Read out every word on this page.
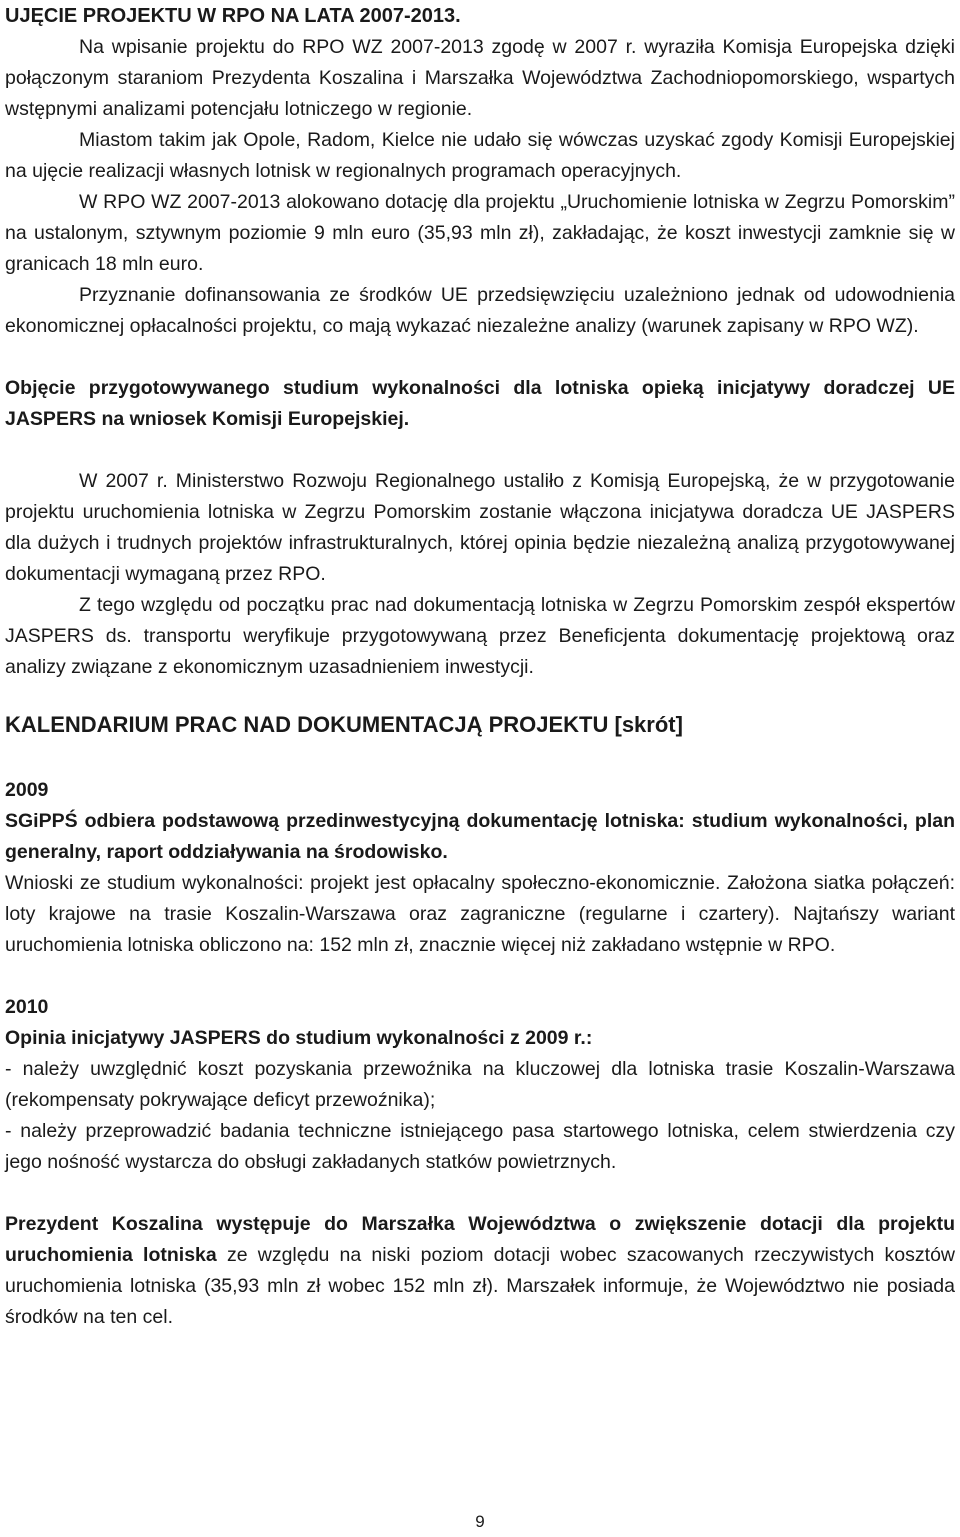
UJĘCIE PROJEKTU W RPO NA LATA 2007-2013.

Na wpisanie projektu do RPO WZ 2007-2013 zgodę w 2007 r. wyraziła Komisja Europejska dzięki połączonym staraniom Prezydenta Koszalina i Marszałka Województwa Zachodniopomorskiego, wspartych wstępnymi analizami potencjału lotniczego w regionie.

Miastom takim jak Opole, Radom, Kielce nie udało się wówczas uzyskać zgody Komisji Europejskiej na ujęcie realizacji własnych lotnisk w regionalnych programach operacyjnych.

W RPO WZ 2007-2013 alokowano dotację dla projektu „Uruchomienie lotniska w Zegrzu Pomorskim” na ustalonym, sztywnym poziomie 9 mln euro (35,93 mln zł), zakładając, że koszt inwestycji zamknie się w granicach 18 mln euro.

Przyznanie dofinansowania ze środków UE przedsięwzięciu uzależniono jednak od udowodnienia ekonomicznej opłacalności projektu, co mają wykazać niezależne analizy (warunek zapisany w RPO WZ).

Objęcie przygotowywanego studium wykonalności dla lotniska opieką inicjatywy doradczej UE JASPERS na wniosek Komisji Europejskiej.

W 2007 r. Ministerstwo Rozwoju Regionalnego ustaliło z Komisją Europejską, że w przygotowanie projektu uruchomienia lotniska w Zegrzu Pomorskim zostanie włączona inicjatywa doradcza UE JASPERS dla dużych i trudnych projektów infrastrukturalnych, której opinia będzie niezależną analizą przygotowywanej dokumentacji wymaganą przez RPO.

Z tego względu od początku prac nad dokumentacją lotniska w Zegrzu Pomorskim zespół ekspertów JASPERS ds. transportu weryfikuje przygotowywaną przez Beneficjenta dokumentację projektową oraz analizy związane z ekonomicznym uzasadnieniem inwestycji.

KALENDARIUM PRAC NAD DOKUMENTACJĄ PROJEKTU [skrót]

2009

SGiPPŚ odbiera podstawową przedinwestycyjną dokumentację lotniska: studium wykonalności, plan generalny, raport oddziaływania na środowisko.

Wnioski ze studium wykonalności: projekt jest opłacalny społeczno-ekonomicznie. Założona siatka połączeń: loty krajowe na trasie Koszalin-Warszawa oraz zagraniczne (regularne i czartery). Najtańszy wariant uruchomienia lotniska obliczono na: 152 mln zł, znacznie więcej niż zakładano wstępnie w RPO.

2010

Opinia inicjatywy JASPERS do studium wykonalności z 2009 r.:

- należy uwzględnić koszt pozyskania przewoźnika na kluczowej dla lotniska trasie Koszalin-Warszawa (rekompensaty pokrywające deficyt przewoźnika);

- należy przeprowadzić badania techniczne istniejącego pasa startowego lotniska, celem stwierdzenia czy jego nośność wystarcza do obsługi zakładanych statków powietrznych.

Prezydent Koszalina występuje do Marszałka Województwa o zwiększenie dotacji dla projektu uruchomienia lotniska ze względu na niski poziom dotacji wobec szacowanych rzeczywistych kosztów uruchomienia lotniska (35,93 mln zł wobec 152 mln zł). Marszałek informuje, że Województwo nie posiada środków na ten cel.

9
